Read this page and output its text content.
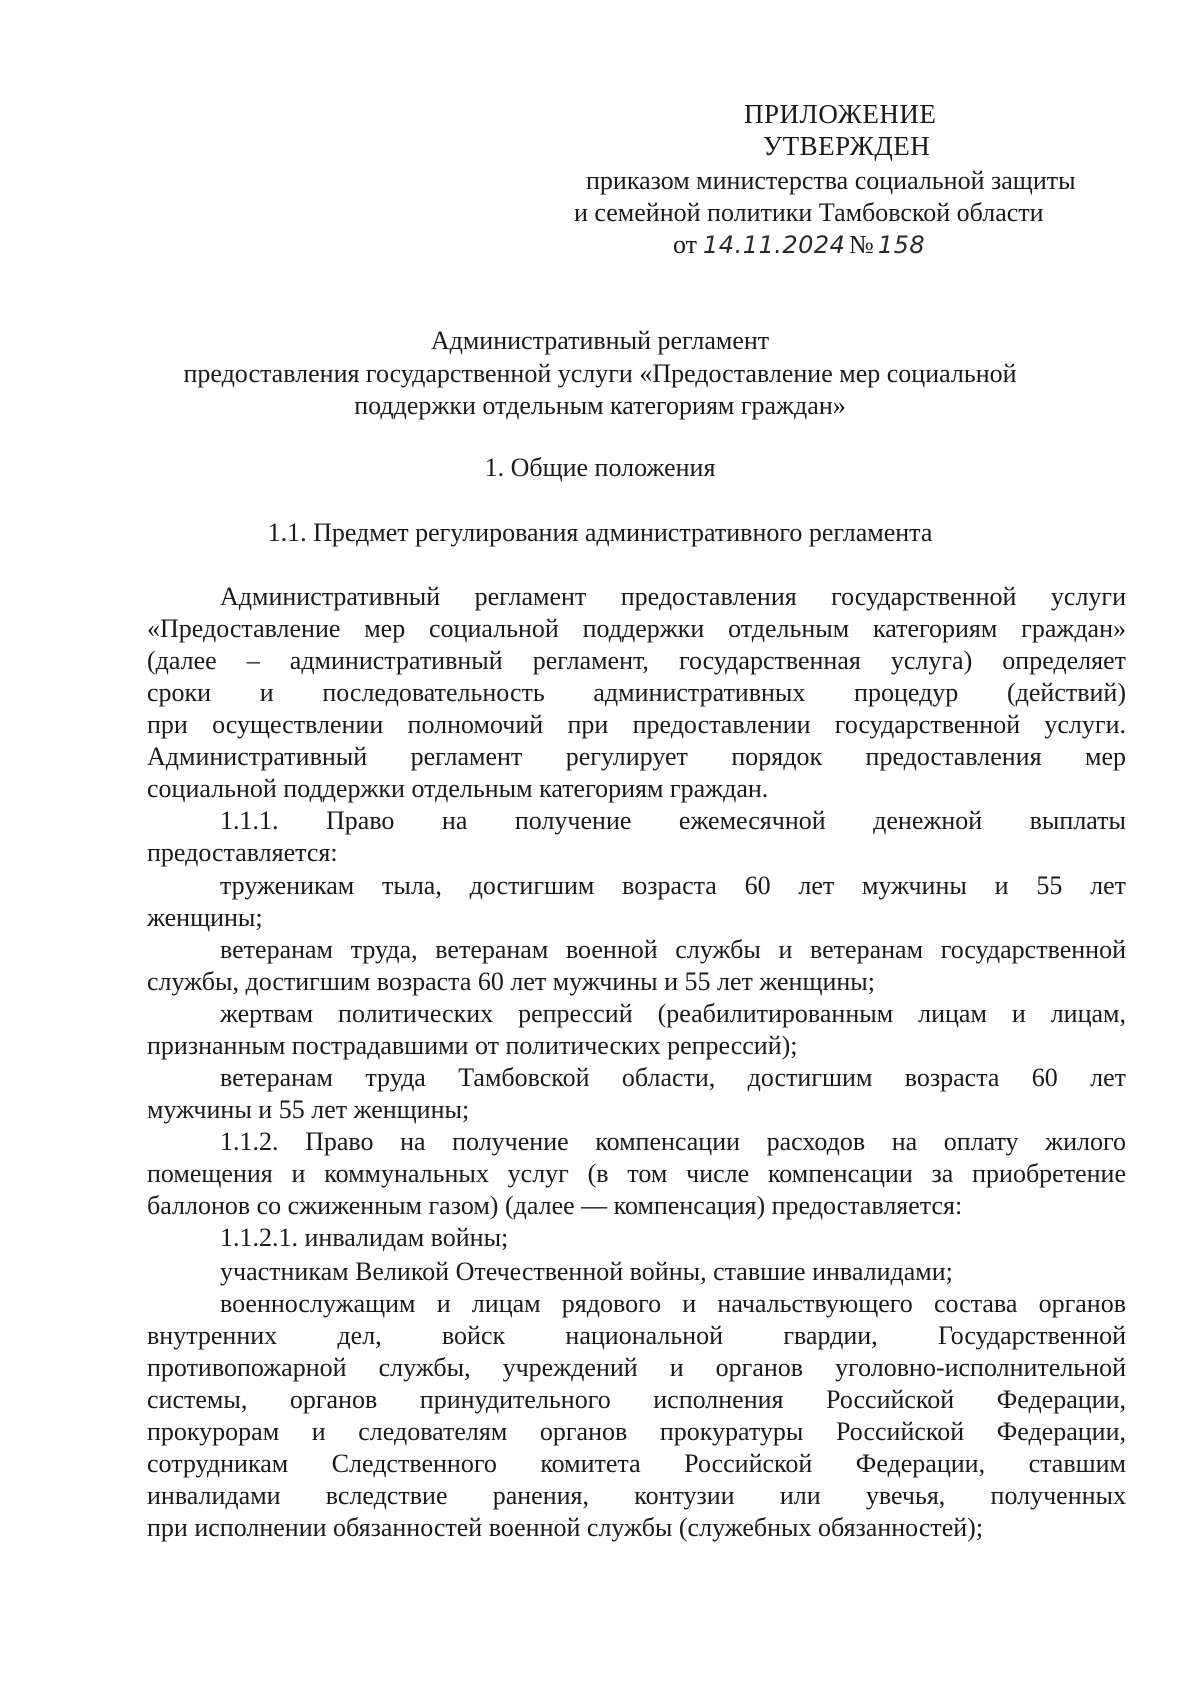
ПРИЛОЖЕНИЕ
УТВЕРЖДЕН
приказом министерства социальной защиты
и семейной политики Тамбовской области
от 14.11.2024 № 158
Административный регламент
предоставления государственной услуги «Предоставление мер социальной
поддержки отдельным категориям граждан»
1. Общие положения
1.1. Предмет регулирования административного регламента
Административный регламент предоставления государственной услуги
«Предоставление мер социальной поддержки отдельным категориям граждан»
(далее – административный регламент, государственная услуга) определяет
сроки и последовательность административных процедур (действий)
при осуществлении полномочий при предоставлении государственной услуги.
Административный регламент регулирует порядок предоставления мер
социальной поддержки отдельным категориям граждан.
1.1.1. Право на получение ежемесячной денежной выплаты
предоставляется:
труженикам тыла, достигшим возраста 60 лет мужчины и 55 лет
женщины;
ветеранам труда, ветеранам военной службы и ветеранам государственной
службы, достигшим возраста 60 лет мужчины и 55 лет женщины;
жертвам политических репрессий (реабилитированным лицам и лицам,
признанным пострадавшими от политических репрессий);
ветеранам труда Тамбовской области, достигшим возраста 60 лет
мужчины и 55 лет женщины;
1.1.2. Право на получение компенсации расходов на оплату жилого
помещения и коммунальных услуг (в том числе компенсации за приобретение
баллонов со сжиженным газом) (далее — компенсация) предоставляется:
1.1.2.1. инвалидам войны;
участникам Великой Отечественной войны, ставшие инвалидами;
военнослужащим и лицам рядового и начальствующего состава органов
внутренних дел, войск национальной гвардии, Государственной
противопожарной службы, учреждений и органов уголовно-исполнительной
системы, органов принудительного исполнения Российской Федерации,
прокурорам и следователям органов прокуратуры Российской Федерации,
сотрудникам Следственного комитета Российской Федерации, ставшим
инвалидами вследствие ранения, контузии или увечья, полученных
при исполнении обязанностей военной службы (служебных обязанностей);
